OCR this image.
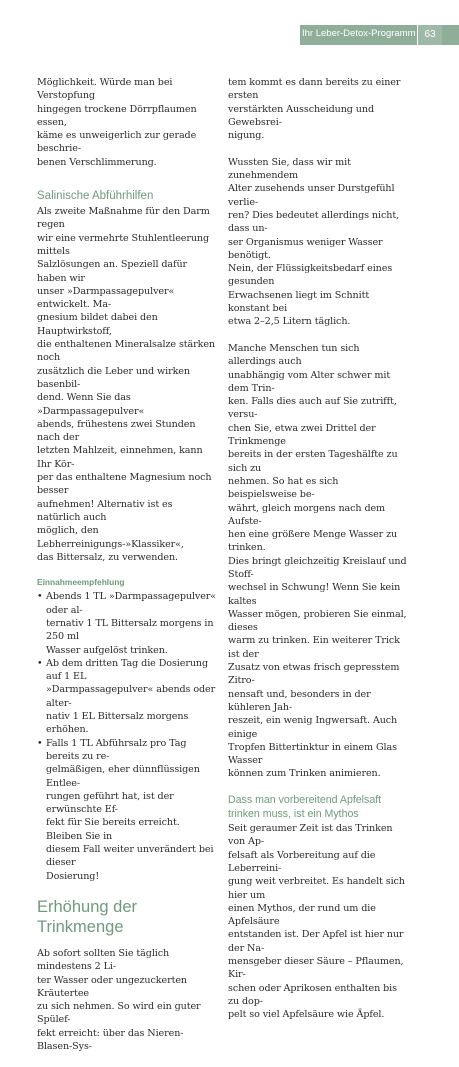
Ihr Leber-Detox-Programm 63

Möglichkeit. Würde man bei Verstopfung
hingegen trockene Dörrpflaumen essen,
käme es unweigerlich zur gerade beschrie-
benen Verschlimmerung.

Salinische Abführhilfen

Als zweite Maßnahme für den Darm regen
wir eine vermehrte Stuhlentleerung mittels
Salzlösungen an. Speziell dafür haben wir
unser »Darmpassagepulver« entwickelt. Ma-
gnesium bildet dabei den Hauptwirkstoff,
die enthaltenen Mineralsalze stärken noch
zusätzlich die Leber und wirken basenbil-
dend. Wenn Sie das »Darmpassagepulver«
abends, frühestens zwei Stunden nach der
letzten Mahlzeit, einnehmen, kann Ihr Kör-
per das enthaltene Magnesium noch besser
aufnehmen! Alternativ ist es natürlich auch
möglich, den Lebherreinigungs-»Klassiker«,
das Bittersalz, zu verwenden.

Einnahmeempfehlung
• Abends 1 TL »Darmpassagepulver« oder al-
ternativ 1 TL Bittersalz morgens in 250 ml
Wasser aufgelöst trinken.
• Ab dem dritten Tag die Dosierung auf 1 EL
»Darmpassagepulver« abends oder alter-
nativ 1 EL Bittersalz morgens erhöhen.
• Falls 1 TL Abführsalz pro Tag bereits zu re-
gelmäßigen, eher dünnflüssigen Entlee-
rungen geführt hat, ist der erwünschte Ef-
fekt für Sie bereits erreicht. Bleiben Sie in
diesem Fall weiter unverändert bei dieser
Dosierung!
Erhöhung der Trinkmenge

Ab sofort sollten Sie täglich mindestens 2 Li-
ter Wasser oder ungezuckerten Kräutertee
zu sich nehmen. So wird ein guter Spülef-
fekt erreicht: über das Nieren-Blasen-Sys-

tem kommt es dann bereits zu einer ersten
verstärkten Ausscheidung und Gewebsrei-
nigung.

Wussten Sie, dass wir mit zunehmendem
Alter zusehends unser Durstgefühl verlie-
ren? Dies bedeutet allerdings nicht, dass un-
ser Organismus weniger Wasser benötigt.
Nein, der Flüssigkeitsbedarf eines gesunden
Erwachsenen liegt im Schnitt konstant bei
etwa 2–2,5 Litern täglich.

Manche Menschen tun sich allerdings auch
unabhängig vom Alter schwer mit dem Trin-
ken. Falls dies auch auf Sie zutrifft, versu-
chen Sie, etwa zwei Drittel der Trinkmenge
bereits in der ersten Tageshälfte zu sich zu
nehmen. So hat es sich beispielsweise be-
währt, gleich morgens nach dem Aufste-
hen eine größere Menge Wasser zu trinken.
Dies bringt gleichzeitig Kreislauf und Stoff-
wechsel in Schwung! Wenn Sie kein kaltes
Wasser mögen, probieren Sie einmal, dieses
warm zu trinken. Ein weiterer Trick ist der
Zusatz von etwas frisch gepresstem Zitro-
nensaft und, besonders in der kühleren Jah-
reszeit, ein wenig Ingwersaft. Auch einige
Tropfen Bittertinktur in einem Glas Wasser
können zum Trinken animieren.

Dass man vorbereitend Apfelsaft
trinken muss, ist ein Mythos

Seit geraumer Zeit ist das Trinken von Ap-
felsaft als Vorbereitung auf die Leberreini-
gung weit verbreitet. Es handelt sich hier um
einen Mythos, der rund um die Apfelsäure
entstanden ist. Der Apfel ist hier nur der Na-
mensgeber dieser Säure – Pflaumen, Kir-
schen oder Aprikosen enthalten bis zu dop-
pelt so viel Apfelsäure wie Äpfel.
